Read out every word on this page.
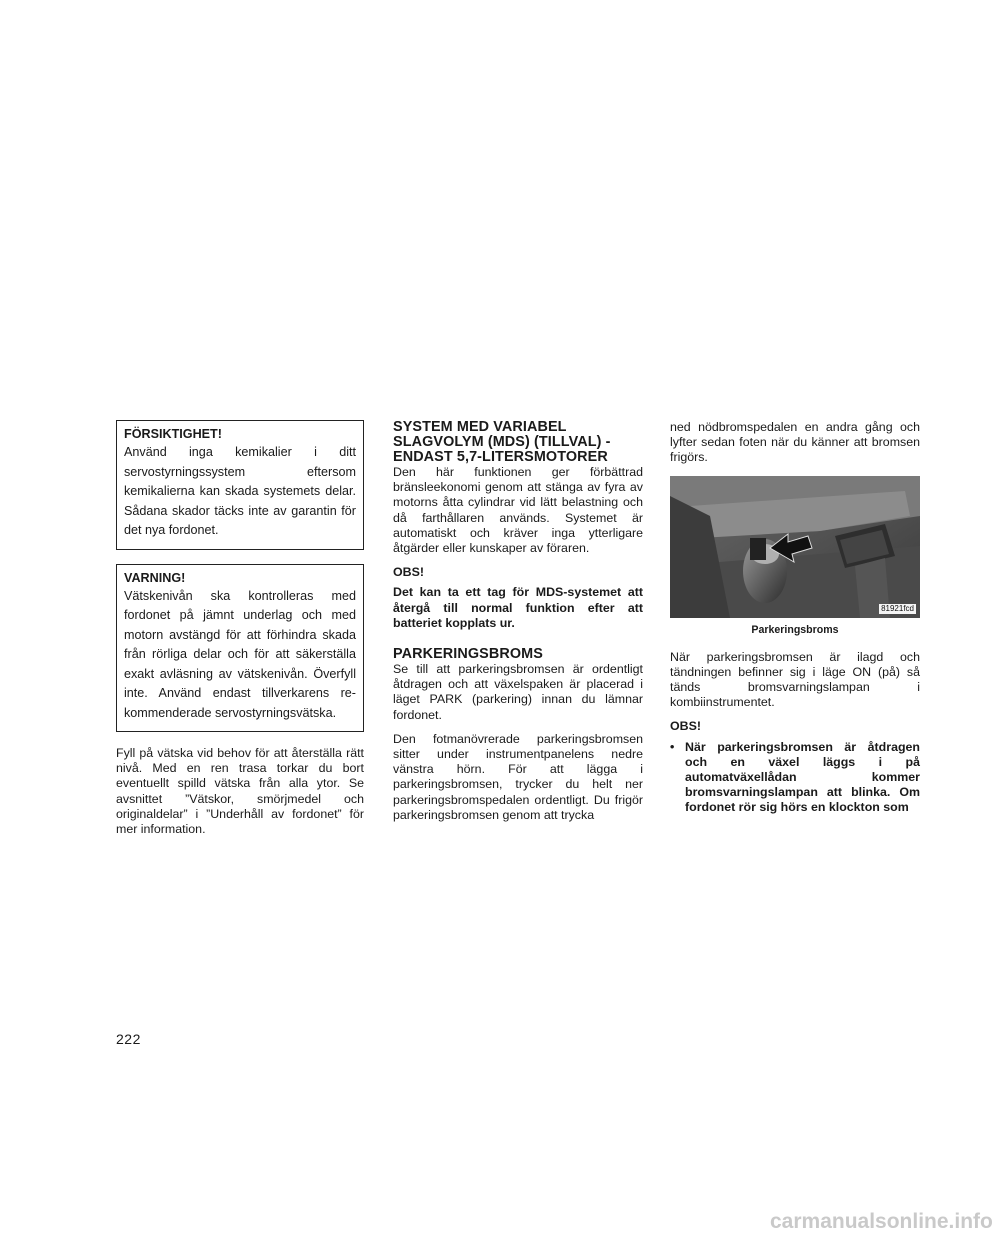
FÖRSIKTIGHET!
Använd inga kemikalier i ditt servostyrningssystem eftersom kemikalierna kan skada systemets delar. Sådana skador täcks inte av garantin för det nya fordonet.
VARNING!
Vätskenivån ska kontrolleras med fordonet på jämnt underlag och med motorn avstängd för att förhindra skada från rörliga delar och för att säkerställa exakt avläsning av vätskenivån. Överfyll inte. Använd endast tillverkarens rekommenderade servostyrningsvätska.

Fyll på vätska vid behov för att återställa rätt nivå. Med en ren trasa torkar du bort eventuellt spilld vätska från alla ytor. Se avsnittet ”Vätskor, smörjmedel och originaldelar” i ”Underhåll av fordonet” för mer information.

SYSTEM MED VARIABEL SLAGVOLYM (MDS) (TILLVAL) - ENDAST 5,7-LITERSMOTORER

Den här funktionen ger förbättrad bränsleekonomi genom att stänga av fyra av motorns åtta cylindrar vid lätt belastning och då farthållaren används. Systemet är automatiskt och kräver inga ytterligare åtgärder eller kunskaper av föraren.

OBS!

Det kan ta ett tag för MDS-systemet att återgå till normal funktion efter att batteriet kopplats ur.

PARKERINGSBROMS

Se till att parkeringsbromsen är ordentligt åtdragen och att växelspaken är placerad i läget PARK (parkering) innan du lämnar fordonet.

Den fotmanövrerade parkeringsbromsen sitter under instrumentpanelens nedre vänstra hörn. För att lägga i parkeringsbromsen, trycker du helt ner parkeringsbromspedalen ordentligt. Du frigör parkeringsbromsen genom att trycka

ned nödbromspedalen en andra gång och lyfter sedan foten när du känner att bromsen frigörs.

81921fcd
Parkeringsbroms

När parkeringsbromsen är ilagd och tändningen befinner sig i läge ON (på) så tänds bromsvarningslampan i kombiinstrumentet.

OBS!

• När parkeringsbromsen är åtdragen och en växel läggs i på automatväxellådan kommer bromsvarningslampan att blinka. Om fordonet rör sig hörs en klockton som
222
carmanualsonline.info
